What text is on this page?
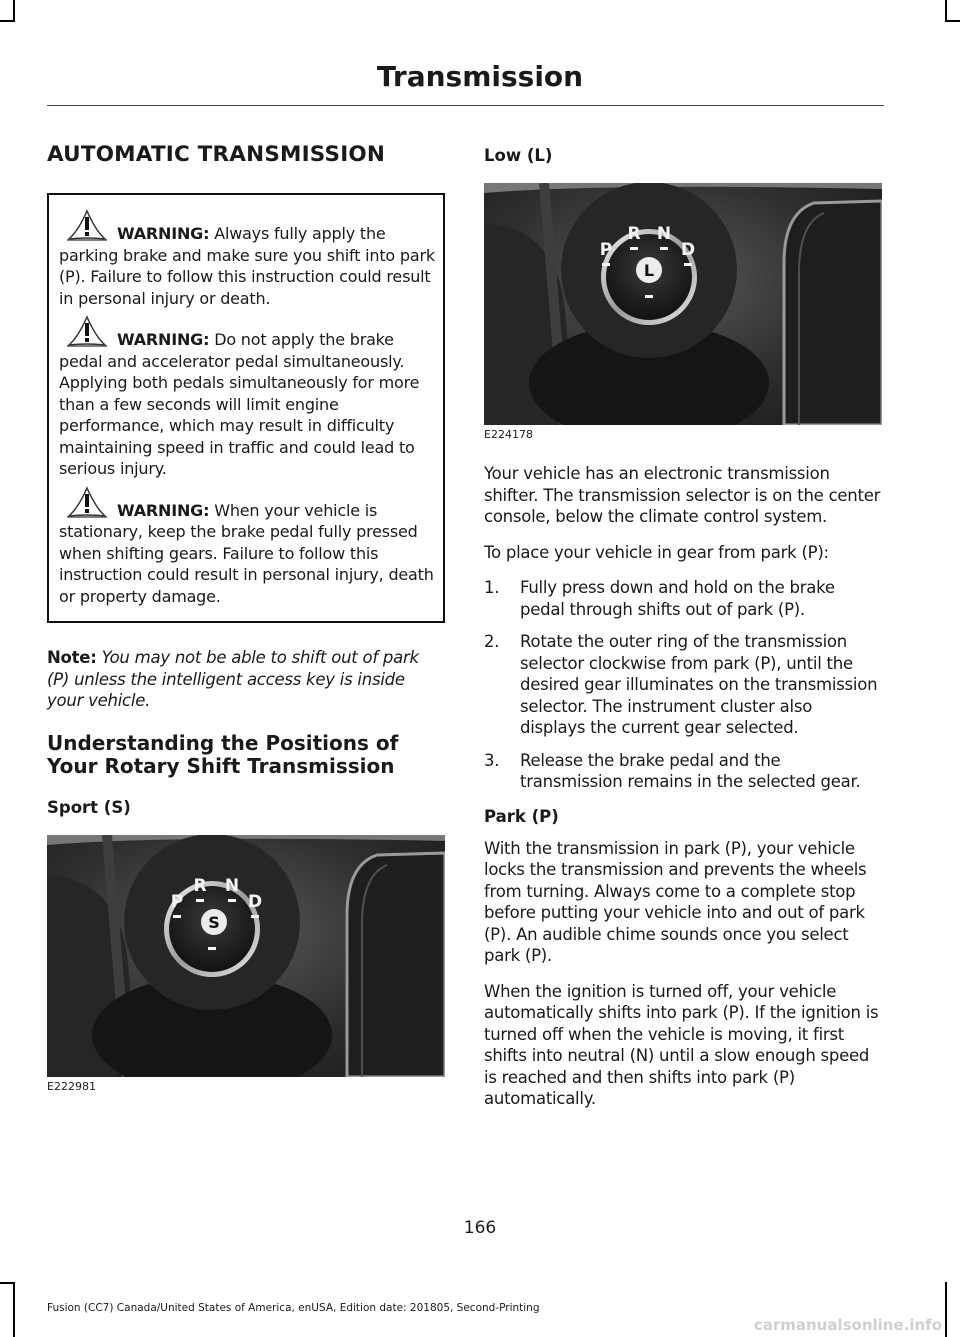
Transmission
AUTOMATIC TRANSMISSION
WARNING: Always fully apply the parking brake and make sure you shift into park (P). Failure to follow this instruction could result in personal injury or death.
WARNING: Do not apply the brake pedal and accelerator pedal simultaneously. Applying both pedals simultaneously for more than a few seconds will limit engine performance, which may result in difficulty maintaining speed in traffic and could lead to serious injury.
WARNING: When your vehicle is stationary, keep the brake pedal fully pressed when shifting gears. Failure to follow this instruction could result in personal injury, death or property damage.

Note: You may not be able to shift out of park (P) unless the intelligent access key is inside your vehicle.

Understanding the Positions of Your Rotary Shift Transmission
Sport (S)
P
R N
D
S
E222981
Low (L)
P
R N
D
L
E224178

Your vehicle has an electronic transmission shifter. The transmission selector is on the center console, below the climate control system.

To place your vehicle in gear from park (P):

1. Fully press down and hold on the brake pedal through shifts out of park (P).
2. Rotate the outer ring of the transmission selector clockwise from park (P), until the desired gear illuminates on the transmission selector. The instrument cluster also displays the current gear selected.
3. Release the brake pedal and the transmission remains in the selected gear.
Park (P)

With the transmission in park (P), your vehicle locks the transmission and prevents the wheels from turning. Always come to a complete stop before putting your vehicle into and out of park (P). An audible chime sounds once you select park (P).

When the ignition is turned off, your vehicle automatically shifts into park (P). If the ignition is turned off when the vehicle is moving, it first shifts into neutral (N) until a slow enough speed is reached and then shifts into park (P) automatically.

166
Fusion (CC7) Canada/United States of America, enUSA, Edition date: 201805, Second-Printing
carmanualsonline.info
